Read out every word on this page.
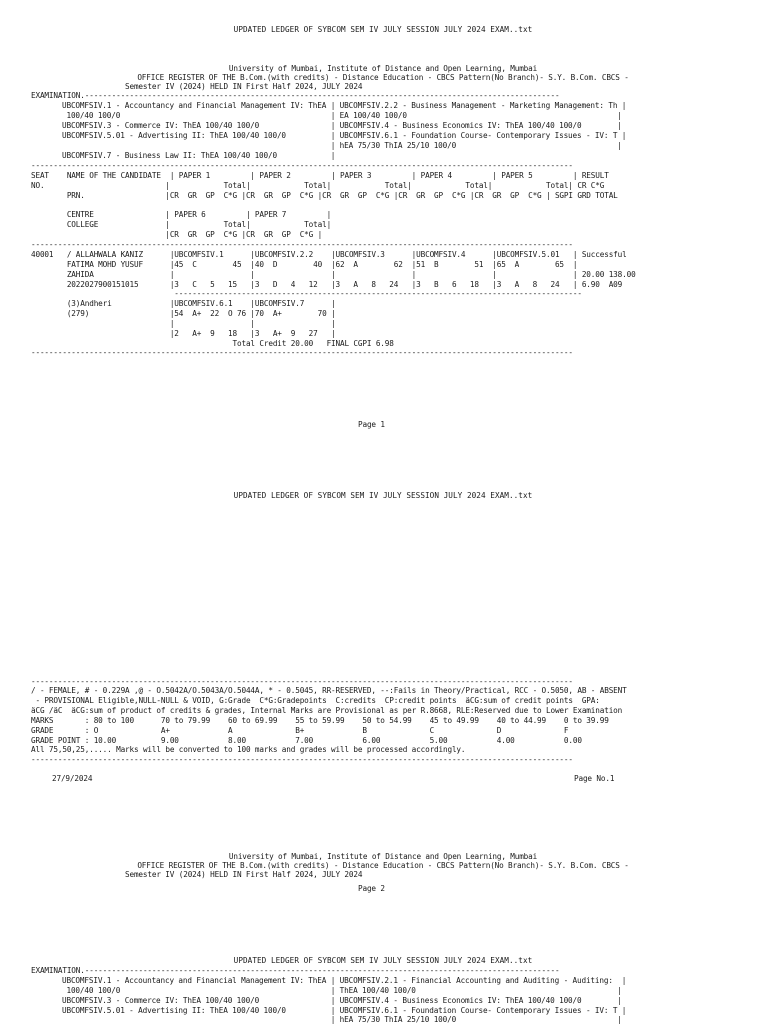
UPDATED LEDGER OF SYBCOM SEM IV JULY SESSION JULY 2024 EXAM..txt
University of Mumbai, Institute of Distance and Open Learning, Mumbai
OFFICE REGISTER OF THE B.Com.(with credits) - Distance Education - CBCS Pattern(No Branch)- S.Y. B.Com. CBCS -
Semester IV (2024) HELD IN First Half 2024, JULY 2024
EXAMINATION.----------------------------------------------------------------------------------------------------------
UBCOMFSIV.1 - Accountancy and Financial Management IV: ThEA | UBCOMFSIV.2.2 - Business Management - Marketing Management: Th |
100/40 100/0                                               | EA 100/40 100/0                                               |
UBCOMFSIV.3 - Commerce IV: ThEA 100/40 100/0                | UBCOMFSIV.4 - Business Economics IV: ThEA 100/40 100/0        |
UBCOMFSIV.5.01 - Advertising II: ThEA 100/40 100/0          | UBCOMFSIV.6.1 - Foundation Course- Contemporary Issues - IV: T |
| hEA 75/30 ThIA 25/10 100/0                                    |
UBCOMFSIV.7 - Business Law II: ThEA 100/40 100/0            |
-------------------------------------------------------------------------------------------------------------------------
SEAT    NAME OF THE CANDIDATE  | PAPER 1         | PAPER 2         | PAPER 3         | PAPER 4         | PAPER 5         | RESULT
NO.                           |            Total|            Total|            Total|            Total|            Total| CR C*G
PRN.                  |CR  GR  GP  C*G |CR  GR  GP  C*G |CR  GR  GP  C*G |CR  GR  GP  C*G |CR  GR  GP  C*G | SGPI GRD TOTAL
CENTRE                | PAPER 6         | PAPER 7         |
COLLEGE               |            Total|            Total|
|CR  GR  GP  C*G |CR  GR  GP  C*G |
-------------------------------------------------------------------------------------------------------------------------
40001   / ALLAHWALA KANIZ      |UBCOMFSIV.1      |UBCOMFSIV.2.2    |UBCOMFSIV.3      |UBCOMFSIV.4      |UBCOMFSIV.5.01   | Successful
FATIMA MOHD YUSUF      |45  C        45  |40  D        40  |62  A        62  |51  B        51  |65  A        65  |
ZAHIDA                 |                 |                 |                 |                 |                 | 20.00 138.00
2022027900151015       |3   C   5   15   |3   D   4   12   |3   A   8   24   |3   B   6   18   |3   A   8   24   | 6.90  A09
-------------------------------------------------------------------------------------------
(3)Andheri             |UBCOMFSIV.6.1    |UBCOMFSIV.7      |
(279)                  |54  A+  22  O 76 |70  A+        70 |
|                 |                 |
|2   A+  9   18   |3   A+  9   27   |
Total Credit 20.00   FINAL CGPI 6.98
-------------------------------------------------------------------------------------------------------------------------
Page 1
UPDATED LEDGER OF SYBCOM SEM IV JULY SESSION JULY 2024 EXAM..txt
-------------------------------------------------------------------------------------------------------------------------
/ - FEMALE, # - 0.229A ,@ - O.5042A/O.5043A/O.5044A, * - 0.5045, RR-RESERVED, --:Fails in Theory/Practical, RCC - O.5050, AB - ABSENT
- PROVISIONAL Eligible,NULL-NULL & VOID, G:Grade  C*G:Gradepoints  C:credits  CP:credit points  äCG:sum of credit points  GPA:
äCG /äC  äCG:sum of product of credits & grades, Internal Marks are Provisional as per R.8668, RLE:Reserved due to Lower Examination
MARKS       : 80 to 100      70 to 79.99    60 to 69.99    55 to 59.99    50 to 54.99    45 to 49.99    40 to 44.99    0 to 39.99
GRADE       : O              A+             A              B+             B              C              D              F
GRADE POINT : 10.00          9.00           8.00           7.00           6.00           5.00           4.00           0.00
All 75,50,25,..... Marks will be converted to 100 marks and grades will be processed accordingly.
-------------------------------------------------------------------------------------------------------------------------
27/9/2024	Page No.1
University of Mumbai, Institute of Distance and Open Learning, Mumbai
OFFICE REGISTER OF THE B.Com.(with credits) - Distance Education - CBCS Pattern(No Branch)- S.Y. B.Com. CBCS -
Semester IV (2024) HELD IN First Half 2024, JULY 2024
Page 2
UPDATED LEDGER OF SYBCOM SEM IV JULY SESSION JULY 2024 EXAM..txt
EXAMINATION.----------------------------------------------------------------------------------------------------------
UBCOMFSIV.1 - Accountancy and Financial Management IV: ThEA | UBCOMFSIV.2.1 - Financial Accounting and Auditing - Auditing:  |
100/40 100/0                                               | ThEA 100/40 100/0                                             |
UBCOMFSIV.3 - Commerce IV: ThEA 100/40 100/0                | UBCOMFSIV.4 - Business Economics IV: ThEA 100/40 100/0        |
UBCOMFSIV.5.01 - Advertising II: ThEA 100/40 100/0          | UBCOMFSIV.6.1 - Foundation Course- Contemporary Issues - IV: T |
| hEA 75/30 ThIA 25/10 100/0                                    |
